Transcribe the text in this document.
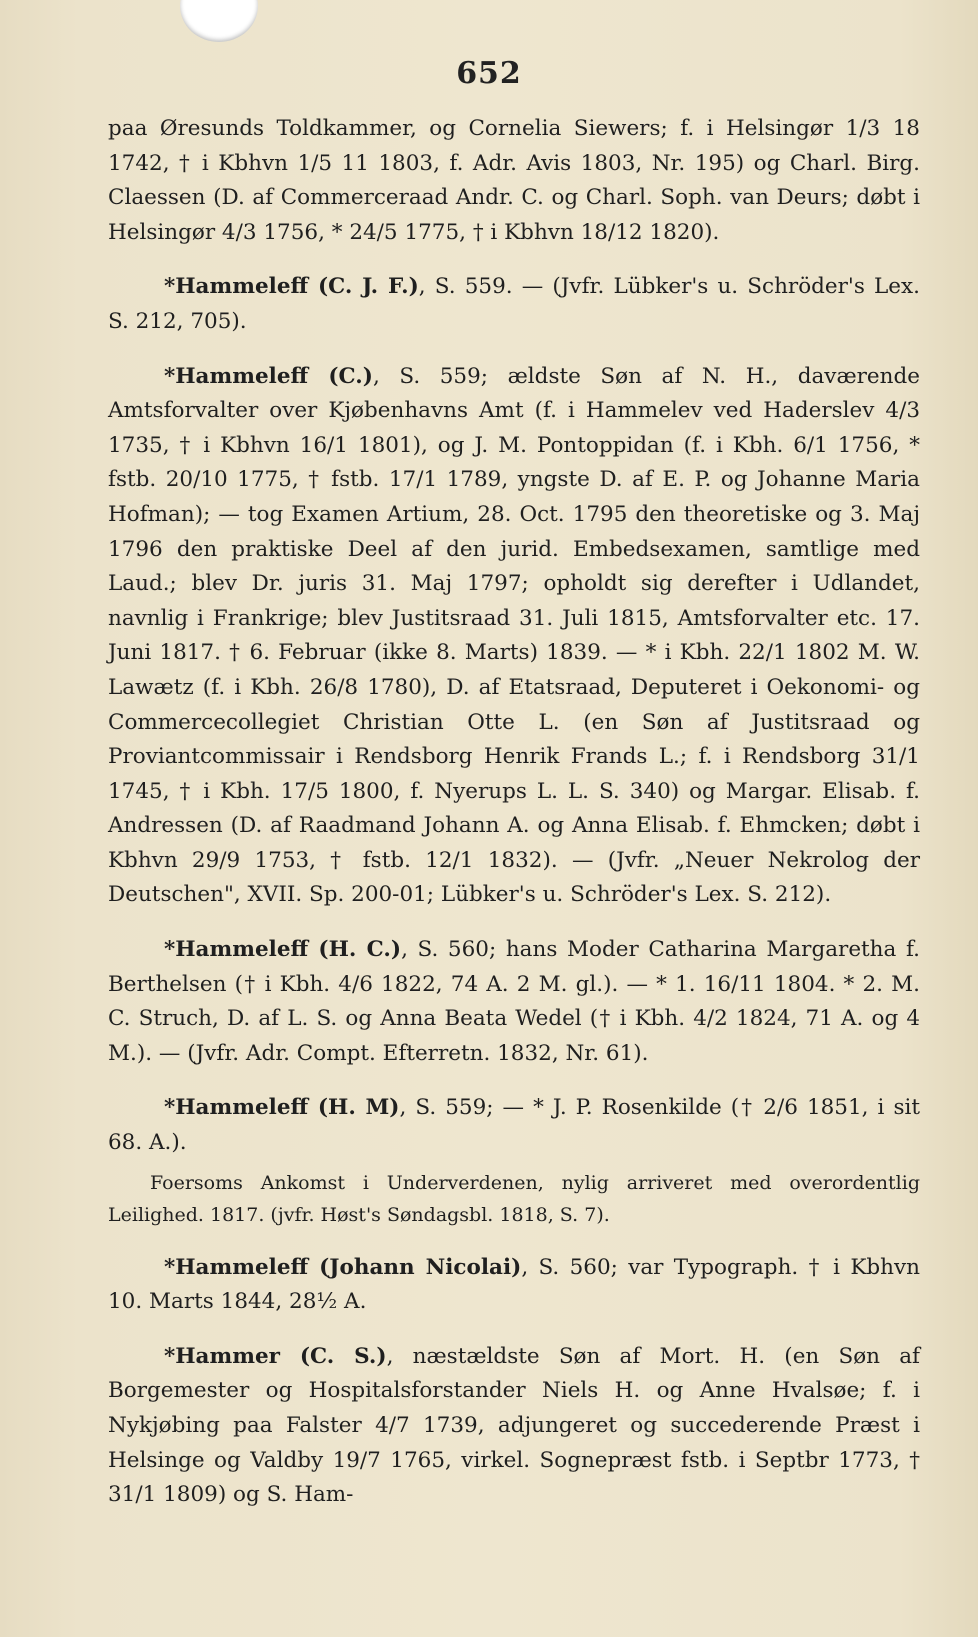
652

paa Øresunds Toldkammer, og Cornelia Siewers; f. i Helsingør 1/3 18 1742, † i Kbhvn 1/5 11 1803, f. Adr. Avis 1803, Nr. 195) og Charl. Birg. Claessen (D. af Commerceraad Andr. C. og Charl. Soph. van Deurs; døbt i Helsingør 4/3 1756, * 24/5 1775, † i Kbhvn 18/12 1820).

*Hammeleff (C. J. F.), S. 559. — (Jvfr. Lübker's u. Schröder's Lex. S. 212, 705).

*Hammeleff (C.), S. 559; ældste Søn af N. H., daværende Amtsforvalter over Kjøbenhavns Amt (f. i Hammelev ved Haderslev 4/3 1735, † i Kbhvn 16/1 1801), og J. M. Pontoppidan (f. i Kbh. 6/1 1756, * fstb. 20/10 1775, † fstb. 17/1 1789, yngste D. af E. P. og Johanne Maria Hofman); — tog Examen Artium, 28. Oct. 1795 den theoretiske og 3. Maj 1796 den praktiske Deel af den jurid. Embedsexamen, samtlige med Laud.; blev Dr. juris 31. Maj 1797; opholdt sig derefter i Udlandet, navnlig i Frankrige; blev Justitsraad 31. Juli 1815, Amtsforvalter etc. 17. Juni 1817. † 6. Februar (ikke 8. Marts) 1839. — * i Kbh. 22/1 1802 M. W. Lawætz (f. i Kbh. 26/8 1780), D. af Etatsraad, Deputeret i Oekonomi- og Commercecollegiet Christian Otte L. (en Søn af Justitsraad og Proviantcommissair i Rendsborg Henrik Frands L.; f. i Rendsborg 31/1 1745, † i Kbh. 17/5 1800, f. Nyerups L. L. S. 340) og Margar. Elisab. f. Andressen (D. af Raadmand Johann A. og Anna Elisab. f. Ehmcken; døbt i Kbhvn 29/9 1753, † fstb. 12/1 1832). — (Jvfr. „Neuer Nekrolog der Deutschen", XVII. Sp. 200-01; Lübker's u. Schröder's Lex. S. 212).

*Hammeleff (H. C.), S. 560; hans Moder Catharina Margaretha f. Berthelsen († i Kbh. 4/6 1822, 74 A. 2 M. gl.). — * 1. 16/11 1804. * 2. M. C. Struch, D. af L. S. og Anna Beata Wedel († i Kbh. 4/2 1824, 71 A. og 4 M.). — (Jvfr. Adr. Compt. Efterretn. 1832, Nr. 61).

*Hammeleff (H. M), S. 559; — * J. P. Rosenkilde († 2/6 1851, i sit 68. A.).

Foersoms Ankomst i Underverdenen, nylig arriveret med overordentlig Leilighed. 1817. (jvfr. Høst's Søndagsbl. 1818, S. 7).

*Hammeleff (Johann Nicolai), S. 560; var Typograph. † i Kbhvn 10. Marts 1844, 28½ A.

*Hammer (C. S.), næstældste Søn af Mort. H. (en Søn af Borgemester og Hospitalsforstander Niels H. og Anne Hvalsøe; f. i Nykjøbing paa Falster 4/7 1739, adjungeret og succederende Præst i Helsinge og Valdby 19/7 1765, virkel. Sognepræst fstb. i Septbr 1773, † 31/1 1809) og S. Ham-
